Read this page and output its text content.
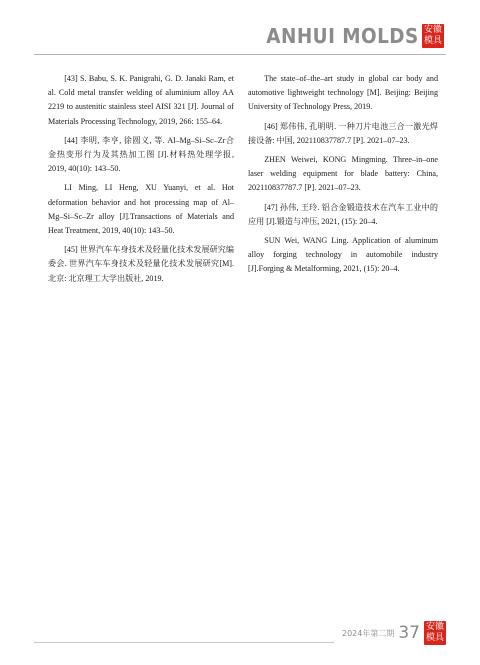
ANHUI MOLDS 安徽
模具

[43] S. Babu, S. K. Panigrahi, G. D. Janaki Ram, et al. Cold metal transfer welding of aluminium alloy AA 2219 to austenitic stainless steel AISI 321 [J]. Journal of Materials Processing Technology, 2019, 266: 155–64.

[44] 李明, 李亨, 徐圆义, 等. Al–Mg–Si–Sc–Zr合金热变形行为及其热加工图 [J].材料热处理学报, 2019, 40(10): 143–50.

LI Ming, LI Heng, XU Yuanyi, et al. Hot deformation behavior and hot processing map of Al–Mg–Si–Sc–Zr alloy [J].Transactions of Materials and Heat Treatment, 2019, 40(10): 143–50.

[45] 世界汽车车身技术及轻量化技术发展研究编委会. 世界汽车车身技术及轻量化技术发展研究[M]. 北京: 北京理工大学出版社, 2019.

The state–of–the–art study in global car body and automotive lightweight technology [M]. Beijing: Beijing University of Technology Press, 2019.

[46] 郑伟伟, 孔明明. 一种刀片电池三合一激光焊接设备: 中国, 202110837787.7 [P]. 2021–07–23.

ZHEN Weiwei, KONG Mingming. Three–in–one laser welding equipment for blade battery: China, 202110837787.7 [P]. 2021–07–23.

[47] 孙伟, 王玲. 铝合金锻造技术在汽车工业中的应用 [J].锻造与冲压, 2021, (15): 20–4.

SUN Wei, WANG Ling. Application of aluminum alloy forging technology in automobile industry [J].Forging & Metalforming, 2021, (15): 20–4.

2024年第二期 37 安徽
模具
